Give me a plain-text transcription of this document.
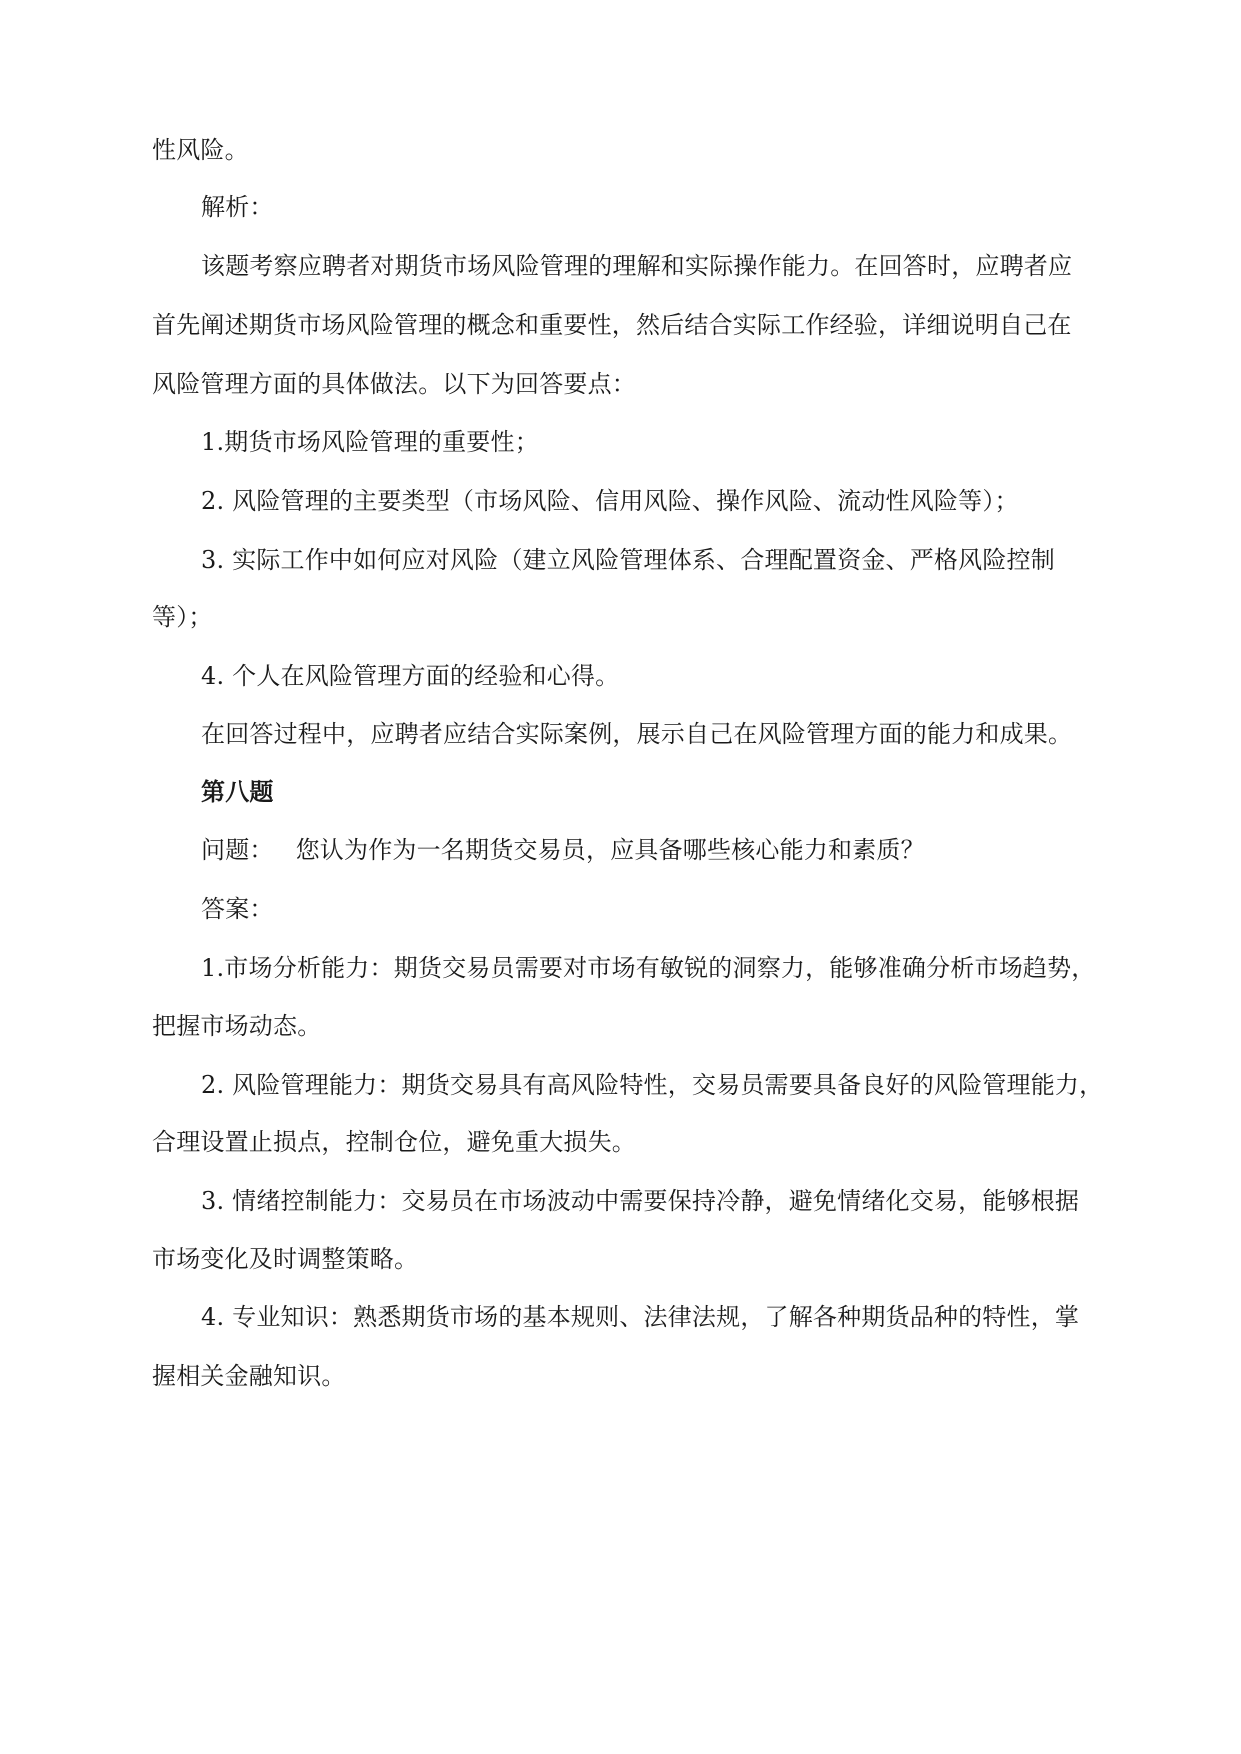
性风险。
解析：
该题考察应聘者对期货市场风险管理的理解和实际操作能力。在回答时，应聘者应
首先阐述期货市场风险管理的概念和重要性，然后结合实际工作经验，详细说明自己在
风险管理方面的具体做法。以下为回答要点：
1.期货市场风险管理的重要性；
2. 风险管理的主要类型（市场风险、信用风险、操作风险、流动性风险等）；
3. 实际工作中如何应对风险（建立风险管理体系、合理配置资金、严格风险控制
等）；
4. 个人在风险管理方面的经验和心得。
在回答过程中，应聘者应结合实际案例，展示自己在风险管理方面的能力和成果。
第八题
问题： 您认为作为一名期货交易员，应具备哪些核心能力和素质？
答案：
1.市场分析能力：期货交易员需要对市场有敏锐的洞察力，能够准确分析市场趋势，
把握市场动态。
2. 风险管理能力：期货交易具有高风险特性，交易员需要具备良好的风险管理能力，
合理设置止损点，控制仓位，避免重大损失。
3. 情绪控制能力：交易员在市场波动中需要保持冷静，避免情绪化交易，能够根据
市场变化及时调整策略。
4. 专业知识：熟悉期货市场的基本规则、法律法规，了解各种期货品种的特性，掌
握相关金融知识。
